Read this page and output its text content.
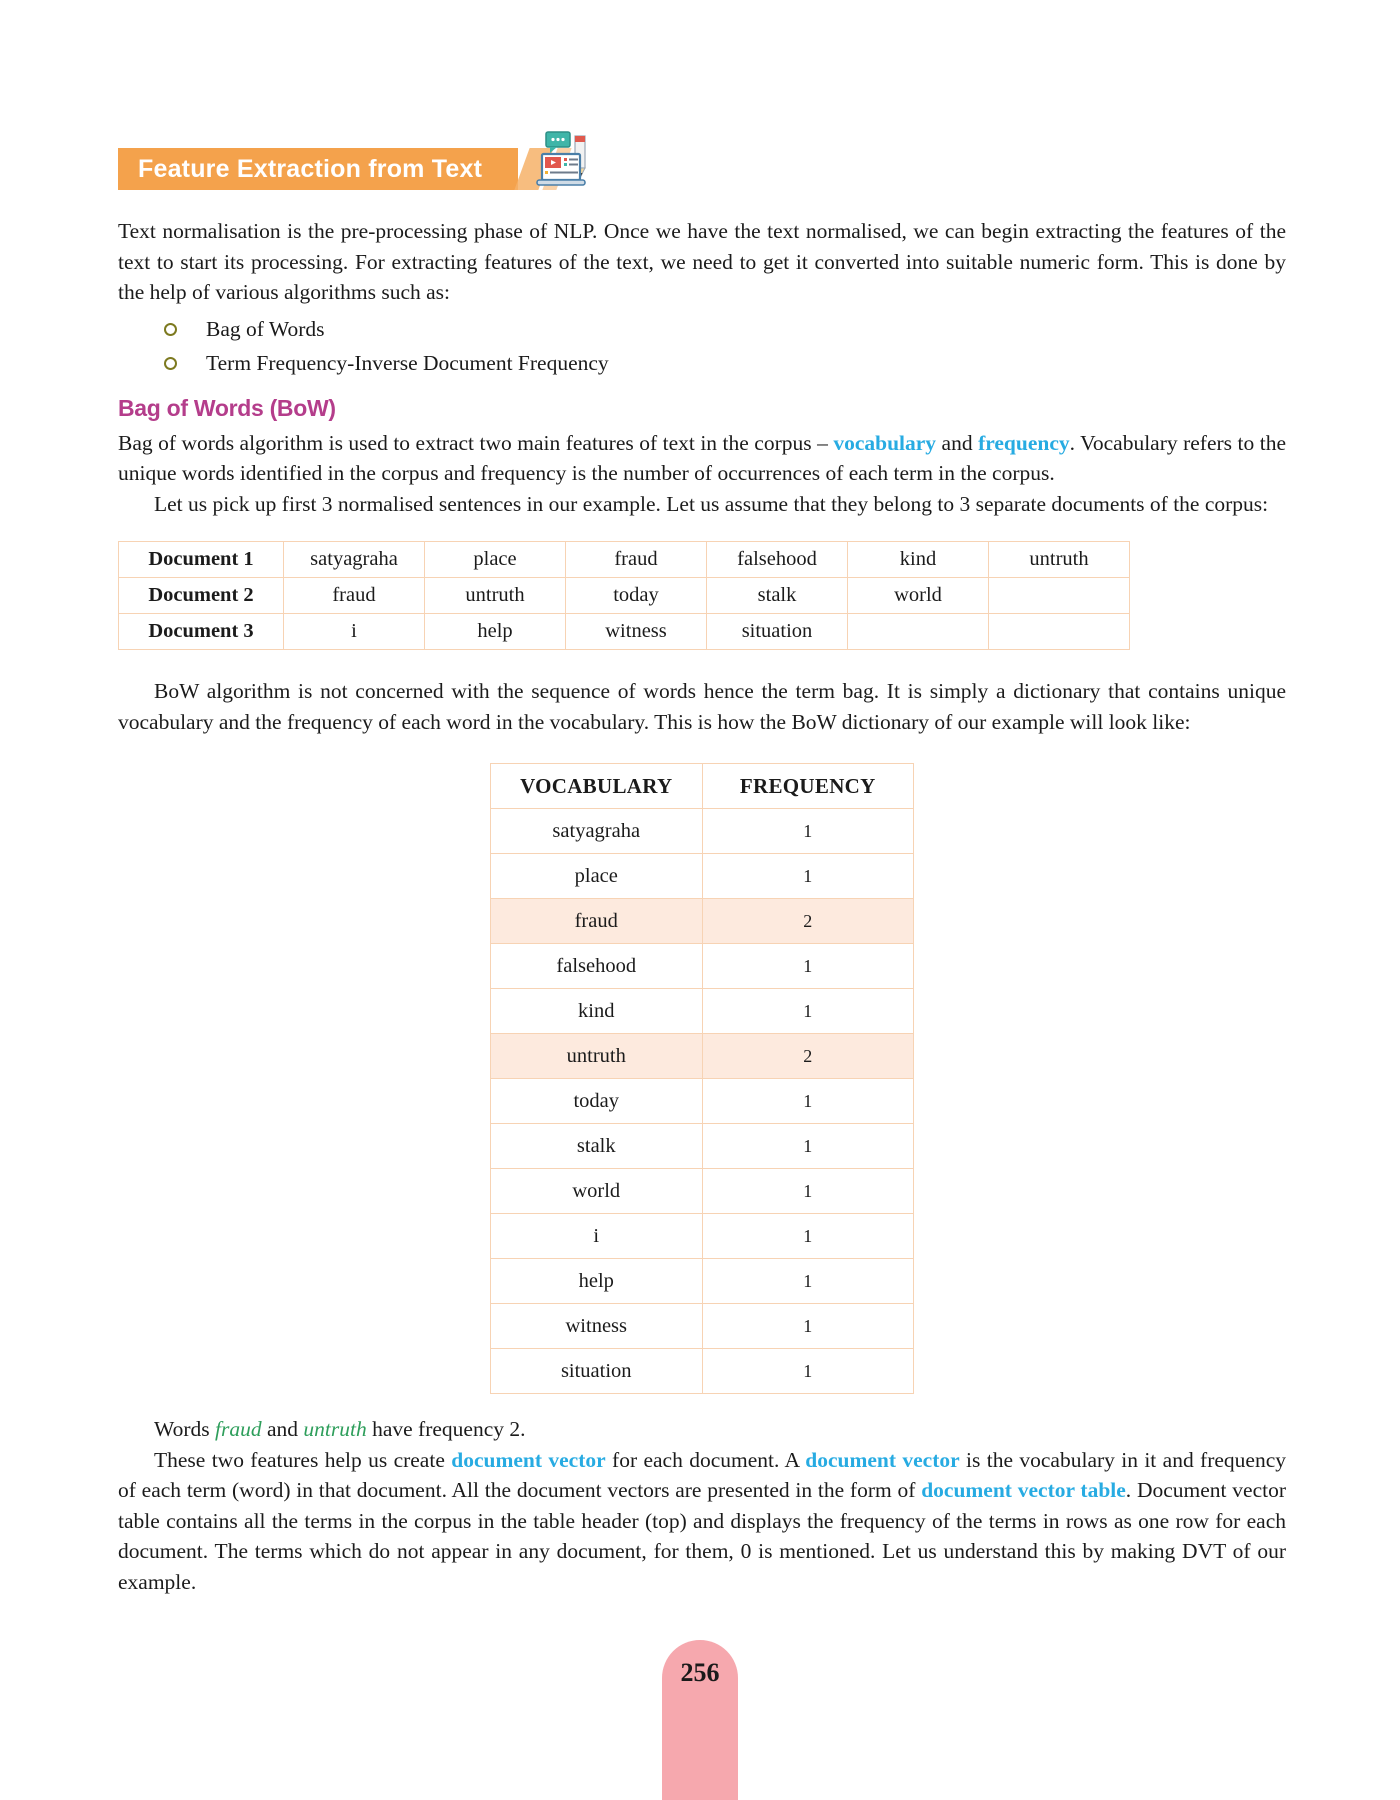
Feature Extraction from Text

Text normalisation is the pre-processing phase of NLP. Once we have the text normalised, we can begin extracting the features of the text to start its processing. For extracting features of the text, we need to get it converted into suitable numeric form. This is done by the help of various algorithms such as:

Bag of Words
Term Frequency-Inverse Document Frequency
Bag of Words (BoW)

Bag of words algorithm is used to extract two main features of text in the corpus – vocabulary and frequency. Vocabulary refers to the unique words identified in the corpus and frequency is the number of occurrences of each term in the corpus.

Let us pick up first 3 normalised sentences in our example. Let us assume that they belong to 3 separate documents of the corpus:

Document 1	satyagraha	place	fraud	falsehood	kind	untruth
Document 2	fraud	untruth	today	stalk	world	
Document 3	i	help	witness	situation		

BoW algorithm is not concerned with the sequence of words hence the term bag. It is simply a dictionary that contains unique vocabulary and the frequency of each word in the vocabulary. This is how the BoW dictionary of our example will look like:

VOCABULARY	FREQUENCY
satyagraha	1
place	1
fraud	2
falsehood	1
kind	1
untruth	2
today	1
stalk	1
world	1
i	1
help	1
witness	1
situation	1

Words fraud and untruth have frequency 2.

These two features help us create document vector for each document. A document vector is the vocabulary in it and frequency of each term (word) in that document. All the document vectors are presented in the form of document vector table. Document vector table contains all the terms in the corpus in the table header (top) and displays the frequency of the terms in rows as one row for each document. The terms which do not appear in any document, for them, 0 is mentioned. Let us understand this by making DVT of our example.

256
